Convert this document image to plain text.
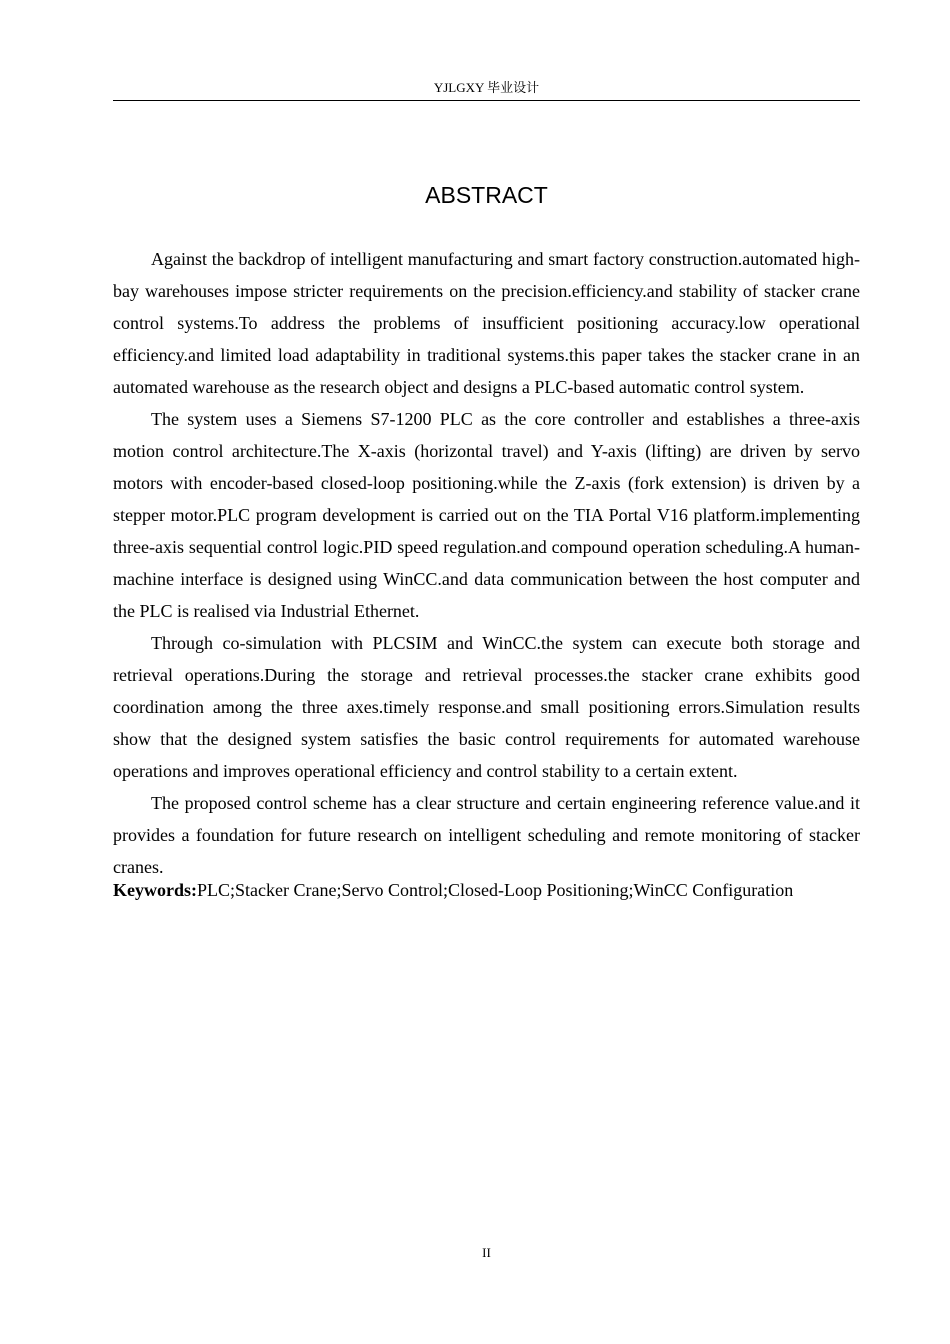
YJLGXY 毕业设计
ABSTRACT

Against the backdrop of intelligent manufacturing and smart factory construction.automated high-bay warehouses impose stricter requirements on the precision.efficiency.and stability of stacker crane control systems.To address the problems of insufficient positioning accuracy.low operational efficiency.and limited load adaptability in traditional systems.this paper takes the stacker crane in an automated warehouse as the research object and designs a PLC-based automatic control system.

The system uses a Siemens S7-1200 PLC as the core controller and establishes a three-axis motion control architecture.The X-axis (horizontal travel) and Y-axis (lifting) are driven by servo motors with encoder-based closed-loop positioning.while the Z-axis (fork extension) is driven by a stepper motor.PLC program development is carried out on the TIA Portal V16 platform.implementing three-axis sequential control logic.PID speed regulation.and compound operation scheduling.A human-machine interface is designed using WinCC.and data communication between the host computer and the PLC is realised via Industrial Ethernet.

Through co-simulation with PLCSIM and WinCC.the system can execute both storage and retrieval operations.During the storage and retrieval processes.the stacker crane exhibits good coordination among the three axes.timely response.and small positioning errors.Simulation results show that the designed system satisfies the basic control requirements for automated warehouse operations and improves operational efficiency and control stability to a certain extent.

The proposed control scheme has a clear structure and certain engineering reference value.and it provides a foundation for future research on intelligent scheduling and remote monitoring of stacker cranes.

Keywords:PLC;Stacker Crane;Servo Control;Closed-Loop Positioning;WinCC Configuration

II
